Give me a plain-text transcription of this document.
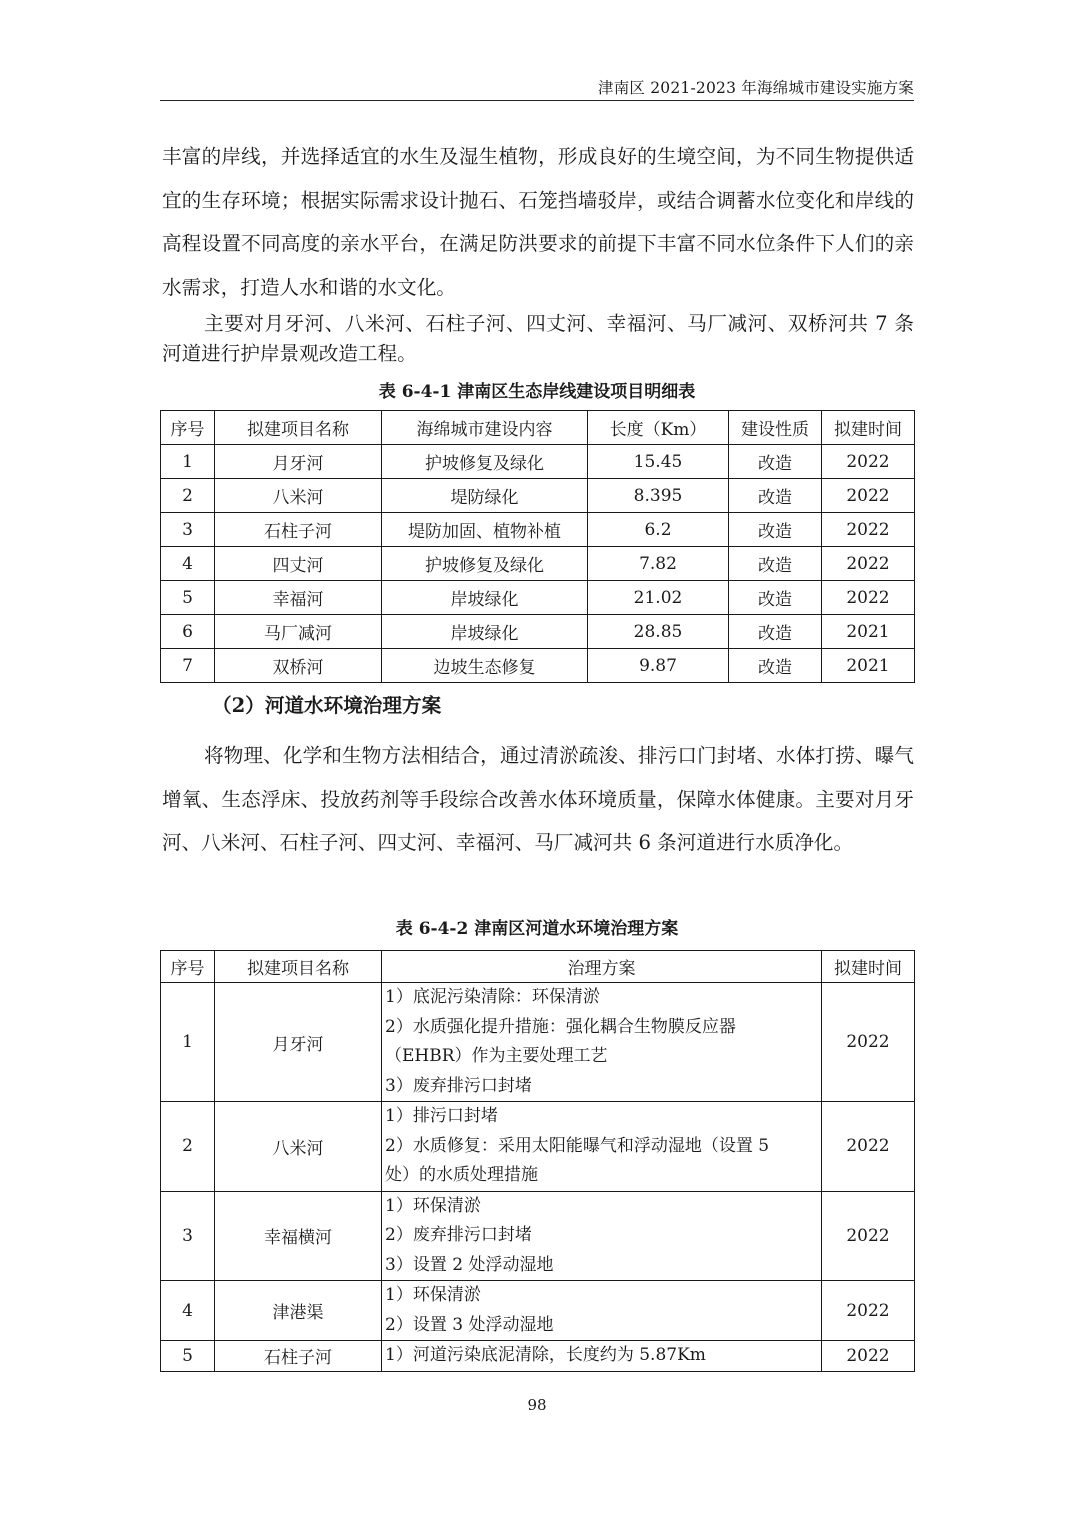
津南区 2021-2023 年海绵城市建设实施方案

丰富的岸线，并选择适宜的水生及湿生植物，形成良好的生境空间，为不同生物提供适宜的生存环境；根据实际需求设计抛石、石笼挡墙驳岸，或结合调蓄水位变化和岸线的高程设置不同高度的亲水平台，在满足防洪要求的前提下丰富不同水位条件下人们的亲水需求，打造人水和谐的水文化。

主要对月牙河、八米河、石柱子河、四丈河、幸福河、马厂减河、双桥河共 7 条河道进行护岸景观改造工程。

表 6-4-1 津南区生态岸线建设项目明细表
序号	拟建项目名称	海绵城市建设内容	长度（Km）	建设性质	拟建时间
1	月牙河	护坡修复及绿化	15.45	改造	2022
2	八米河	堤防绿化	8.395	改造	2022
3	石柱子河	堤防加固、植物补植	6.2	改造	2022
4	四丈河	护坡修复及绿化	7.82	改造	2022
5	幸福河	岸坡绿化	21.02	改造	2022
6	马厂减河	岸坡绿化	28.85	改造	2021
7	双桥河	边坡生态修复	9.87	改造	2021
（2）河道水环境治理方案

将物理、化学和生物方法相结合，通过清淤疏浚、排污口门封堵、水体打捞、曝气增氧、生态浮床、投放药剂等手段综合改善水体环境质量，保障水体健康。主要对月牙河、八米河、石柱子河、四丈河、幸福河、马厂减河共 6 条河道进行水质净化。

表 6-4-2 津南区河道水环境治理方案
序号	拟建项目名称	治理方案	拟建时间
1	月牙河	1）底泥污染清除：环保清淤
2）水质强化提升措施：强化耦合生物膜反应器
（EHBR）作为主要处理工艺
3）废弃排污口封堵	2022
2	八米河	1）排污口封堵
2）水质修复：采用太阳能曝气和浮动湿地（设置 5
处）的水质处理措施	2022
3	幸福横河	1）环保清淤
2）废弃排污口封堵
3）设置 2 处浮动湿地	2022
4	津港渠	1）环保清淤
2）设置 3 处浮动湿地	2022
5	石柱子河	1）河道污染底泥清除，长度约为 5.87Km	2022
98
